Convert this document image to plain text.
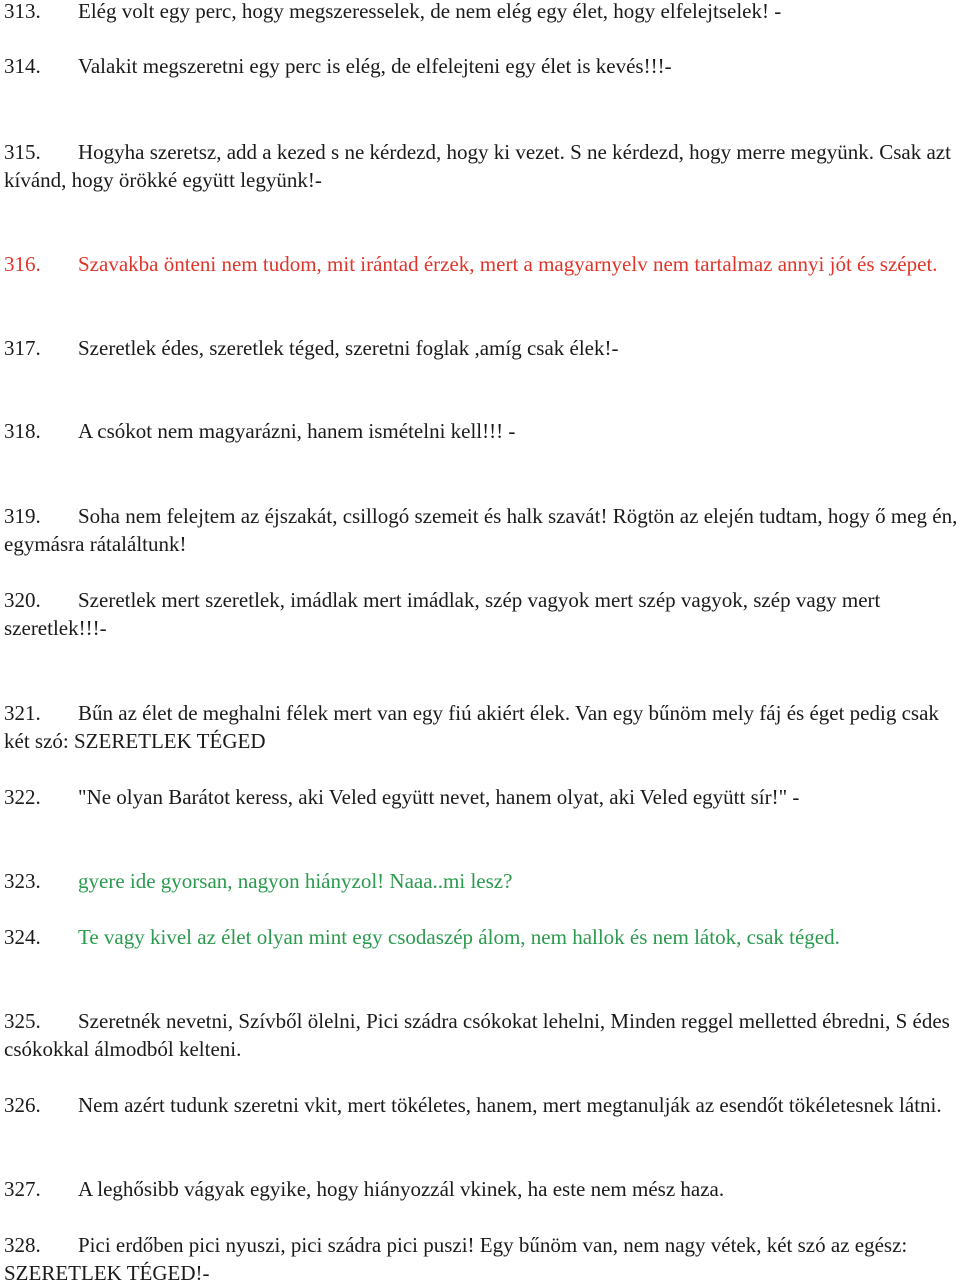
313. Elég volt egy perc, hogy megszeresselek, de nem elég egy élet, hogy elfelejtselek! -

314. Valakit megszeretni egy perc is elég, de elfelejteni egy élet is kevés!!!-

315. Hogyha szeretsz, add a kezed s ne kérdezd, hogy ki vezet. S ne kérdezd, hogy merre megyünk. Csak azt kívánd, hogy örökké együtt legyünk!-

316. Szavakba önteni nem tudom, mit irántad érzek, mert a magyarnyelv nem tartalmaz annyi jót és szépet.

317. Szeretlek édes, szeretlek téged, szeretni foglak ,amíg csak élek!-

318. A csókot nem magyarázni, hanem ismételni kell!!! -

319. Soha nem felejtem az éjszakát, csillogó szemeit és halk szavát! Rögtön az elején tudtam, hogy ő meg én, egymásra rátaláltunk!

320. Szeretlek mert szeretlek, imádlak mert imádlak, szép vagyok mert szép vagyok, szép vagy mert szeretlek!!!-

321. Bűn az élet de meghalni félek mert van egy fiú akiért élek. Van egy bűnöm mely fáj és éget pedig csak két szó: SZERETLEK TÉGED

322. "Ne olyan Barátot keress, aki Veled együtt nevet, hanem olyat, aki Veled együtt sír!" -

323. gyere ide gyorsan, nagyon hiányzol! Naaa..mi lesz?

324. Te vagy kivel az élet olyan mint egy csodaszép álom, nem hallok és nem látok, csak téged.

325. Szeretnék nevetni, Szívből ölelni, Pici szádra csókokat lehelni, Minden reggel melletted ébredni, S édes csókokkal álmodból kelteni.

326. Nem azért tudunk szeretni vkit, mert tökéletes, hanem, mert megtanulják az esendőt tökéletesnek látni.

327. A leghősibb vágyak egyike, hogy hiányozzál vkinek, ha este nem mész haza.

328. Pici erdőben pici nyuszi, pici szádra pici puszi! Egy bűnöm van, nem nagy vétek, két szó az egész: SZERETLEK TÉGED!-
